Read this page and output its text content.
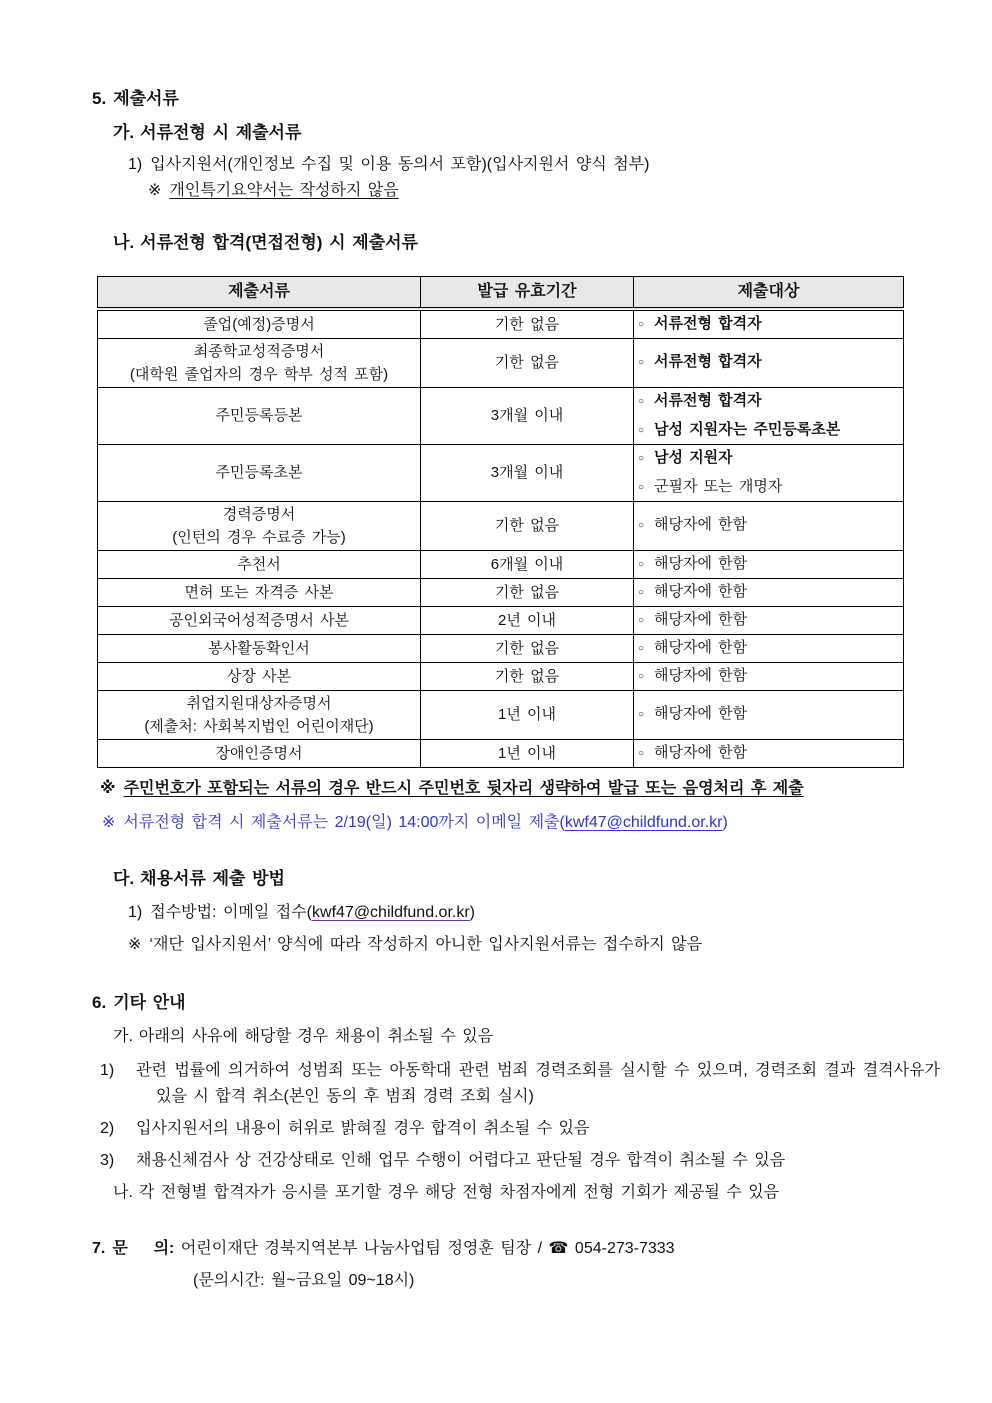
5. 제출서류
가. 서류전형 시 제출서류
1) 입사지원서(개인정보 수집 및 이용 동의서 포함)(입사지원서 양식 첨부)
※ 개인특기요약서는 작성하지 않음
나. 서류전형 합격(면접전형) 시 제출서류
제출서류	발급 유효기간	제출대상

졸업(예정)증명서	기한 없음	○ 서류전형 합격자

최종학교성적증명서
(대학원 졸업자의 경우 학부 성적 포함)	기한 없음	○ 서류전형 합격자

주민등록등본	3개월 이내	○ 서류전형 합격자
○ 남성 지원자는 주민등록초본

주민등록초본	3개월 이내	○ 남성 지원자
○ 군필자 또는 개명자

경력증명서
(인턴의 경우 수료증 가능)	기한 없음	○ 해당자에 한함

추천서	6개월 이내	○ 해당자에 한함

면허 또는 자격증 사본	기한 없음	○ 해당자에 한함

공인외국어성적증명서 사본	2년 이내	○ 해당자에 한함

봉사활동확인서	기한 없음	○ 해당자에 한함

상장 사본	기한 없음	○ 해당자에 한함

취업지원대상자증명서
(제출처: 사회복지법인 어린이재단)	1년 이내	○ 해당자에 한함

장애인증명서	1년 이내	○ 해당자에 한함
※ 주민번호가 포함되는 서류의 경우 반드시 주민번호 뒷자리 생략하여 발급 또는 음영처리 후 제출
※ 서류전형 합격 시 제출서류는 2/19(일) 14:00까지 이메일 제출(kwf47@childfund.or.kr)
다. 채용서류 제출 방법
1) 접수방법: 이메일 접수(kwf47@childfund.or.kr)
※ ‘재단 입사지원서’ 양식에 따라 작성하지 아니한 입사지원서류는 접수하지 않음
6. 기타 안내
가. 아래의 사유에 해당할 경우 채용이 취소될 수 있음
1) 관련 법률에 의거하여 성범죄 또는 아동학대 관련 범죄 경력조회를 실시할 수 있으며, 경력조회 결과 결격사유가 있을 시 합격 취소(본인 동의 후 범죄 경력 조회 실시)
2) 입사지원서의 내용이 허위로 밝혀질 경우 합격이 취소될 수 있음
3) 채용신체검사 상 건강상태로 인해 업무 수행이 어렵다고 판단될 경우 합격이 취소될 수 있음
나. 각 전형별 합격자가 응시를 포기할 경우 해당 전형 차점자에게 전형 기회가 제공될 수 있음
7. 문    의: 어린이재단 경북지역본부 나눔사업팀 정영훈 팀장 / ☎ 054-273-7333
(문의시간: 월~금요일 09~18시)
